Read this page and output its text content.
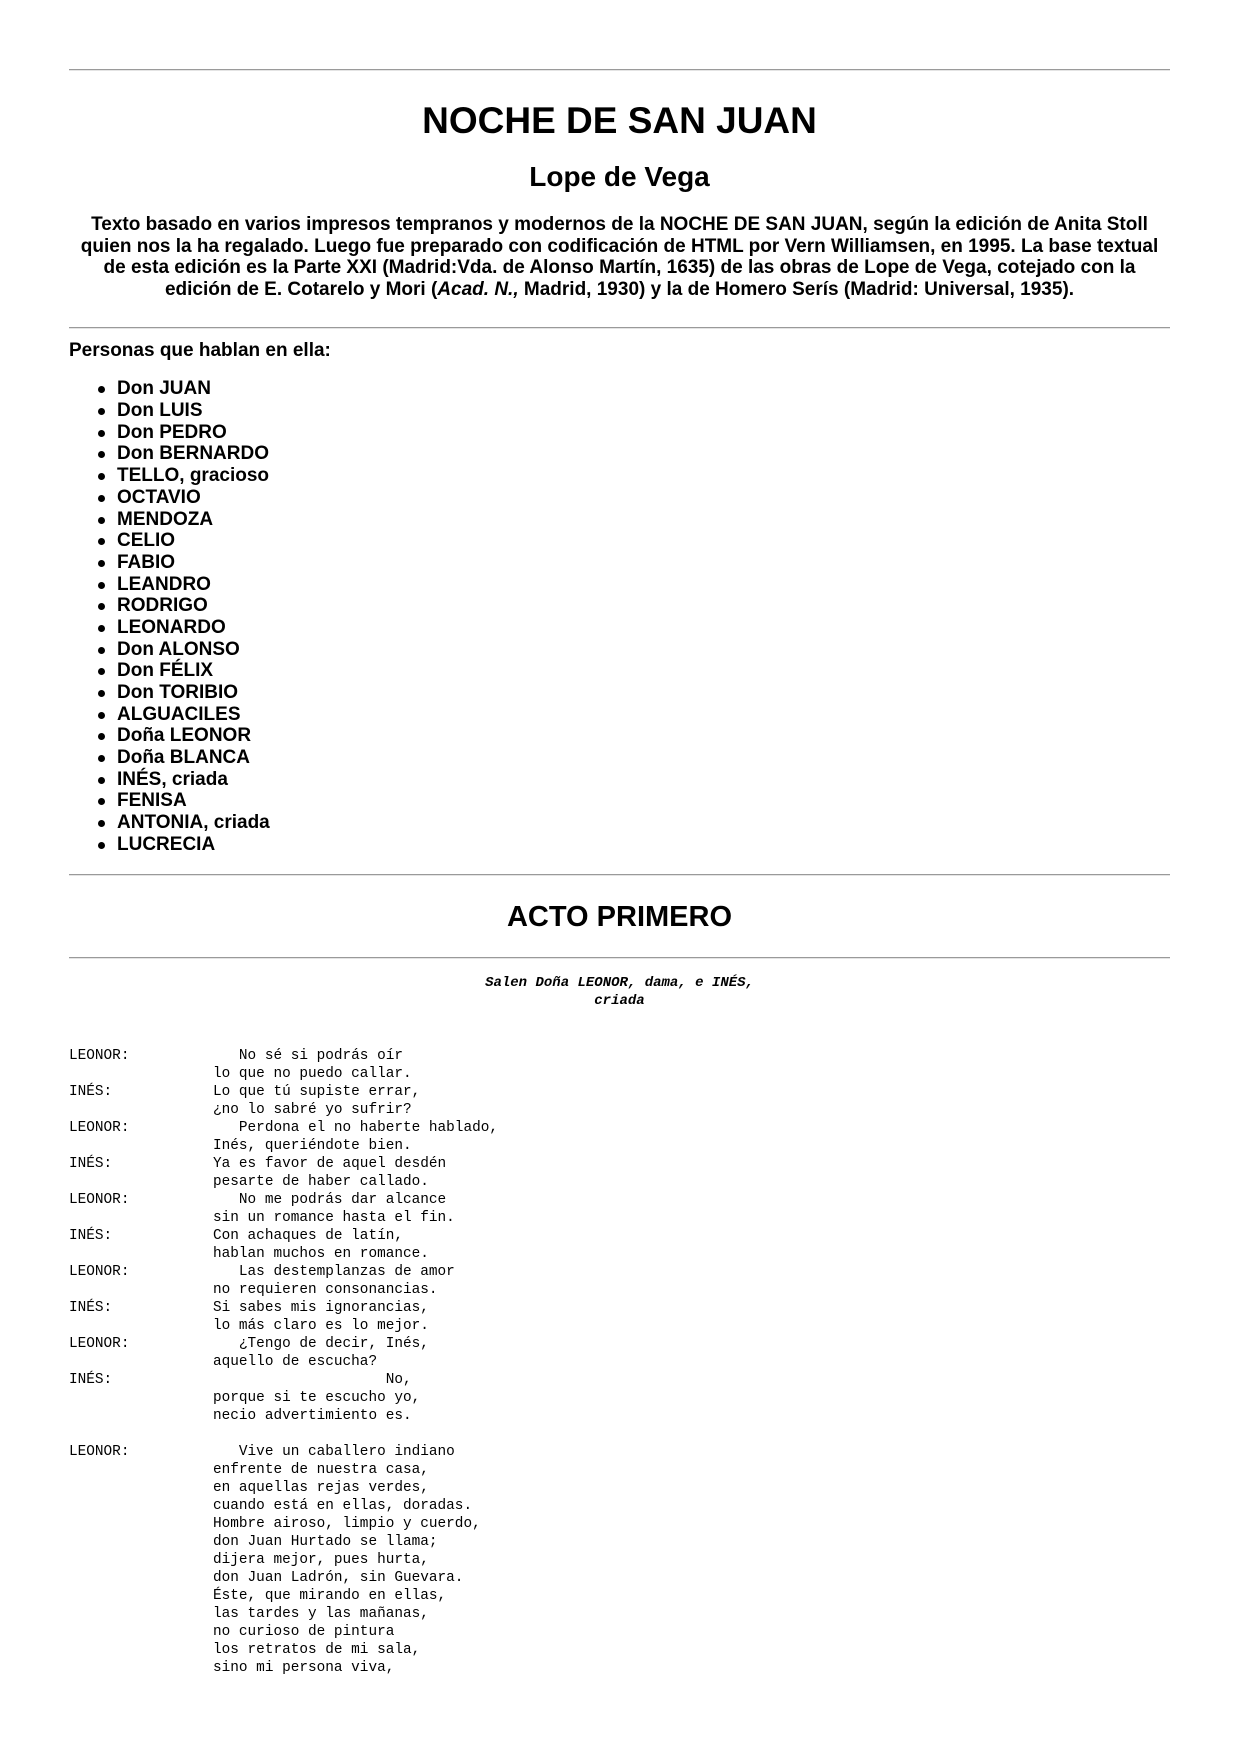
NOCHE DE SAN JUAN
Lope de Vega

Texto basado en varios impresos tempranos y modernos de la NOCHE DE SAN JUAN, según la edición de Anita Stoll quien nos la ha regalado. Luego fue preparado con codificación de HTML por Vern Williamsen, en 1995. La base textual de esta edición es la Parte XXI (Madrid:Vda. de Alonso Martín, 1635) de las obras de Lope de Vega, cotejado con la edición de E. Cotarelo y Mori (Acad. N., Madrid, 1930) y la de Homero Serís (Madrid: Universal, 1935).

Personas que hablan en ella:

Don JUAN
Don LUIS
Don PEDRO
Don BERNARDO
TELLO, gracioso
OCTAVIO
MENDOZA
CELIO
FABIO
LEANDRO
RODRIGO
LEONARDO
Don ALONSO
Don FÉLIX
Don TORIBIO
ALGUACILES
Doña LEONOR
Doña BLANCA
INÉS, criada
FENISA
ANTONIA, criada
LUCRECIA
ACTO PRIMERO
Salen Doña LEONOR, dama, e INÉS,
criada
LEONOR:	No sé si podrás oír
lo que no puedo callar.
INÉS:	Lo que tú supiste errar,
¿no lo sabré yo sufrir?
LEONOR:	Perdona el no haberte hablado,
Inés, queriéndote bien.
INÉS:	Ya es favor de aquel desdén
pesarte de haber callado.
LEONOR:	No me podrás dar alcance
sin un romance hasta el fin.
INÉS:	Con achaques de latín,
hablan muchos en romance.
LEONOR:	Las destemplanzas de amor
no requieren consonancias.
INÉS:	Si sabes mis ignorancias,
lo más claro es lo mejor.
LEONOR:	¿Tengo de decir, Inés,
aquello de escucha?
INÉS:	No,
porque si te escucho yo,
necio advertimiento es.
LEONOR:	Vive un caballero indiano
enfrente de nuestra casa,
en aquellas rejas verdes,
cuando está en ellas, doradas.
Hombre airoso, limpio y cuerdo,
don Juan Hurtado se llama;
dijera mejor, pues hurta,
don Juan Ladrón, sin Guevara.
Éste, que mirando en ellas,
las tardes y las mañanas,
no curioso de pintura
los retratos de mi sala,
sino mi persona viva,
